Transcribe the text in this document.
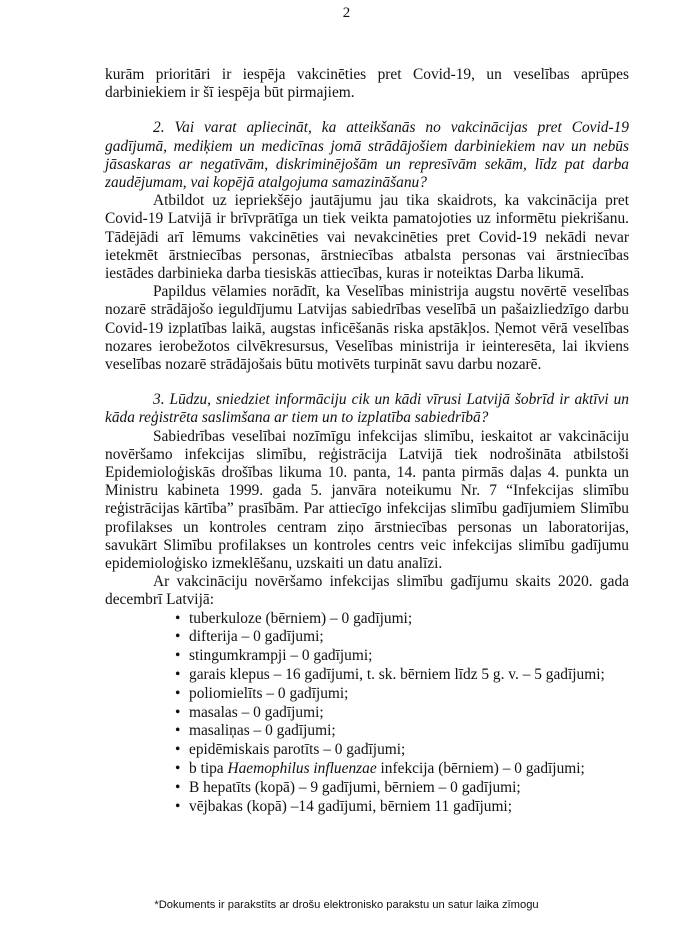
2

kurām prioritāri ir iespēja vakcinēties pret Covid-19, un veselības aprūpes darbiniekiem ir šī iespēja būt pirmajiem.

2. Vai varat apliecināt, ka atteikšanās no vakcinācijas pret Covid-19 gadījumā, mediķiem un medicīnas jomā strādājošiem darbiniekiem nav un nebūs jāsaskaras ar negatīvām, diskriminējošām un represīvām sekām, līdz pat darba zaudējumam, vai kopējā atalgojuma samazināšanu?

Atbildot uz iepriekšējo jautājumu jau tika skaidrots, ka vakcinācija pret Covid-19 Latvijā ir brīvprātīga un tiek veikta pamatojoties uz informētu piekrišanu. Tādējādi arī lēmums vakcinēties vai nevakcinēties pret Covid-19 nekādi nevar ietekmēt ārstniecības personas, ārstniecības atbalsta personas vai ārstniecības iestādes darbinieka darba tiesiskās attiecības, kuras ir noteiktas Darba likumā.

Papildus vēlamies norādīt, ka Veselības ministrija augstu novērtē veselības nozarē strādājošo ieguldījumu Latvijas sabiedrības veselībā un pašaizliedzīgo darbu Covid-19 izplatības laikā, augstas inficēšanās riska apstākļos. Ņemot vērā veselības nozares ierobežotos cilvēkresursus, Veselības ministrija ir ieinteresēta, lai ikviens veselības nozarē strādājošais būtu motivēts turpināt savu darbu nozarē.

3. Lūdzu, sniedziet informāciju cik un kādi vīrusi Latvijā šobrīd ir aktīvi un kāda reģistrēta saslimšana ar tiem un to izplatība sabiedrībā?

Sabiedrības veselībai nozīmīgu infekcijas slimību, ieskaitot ar vakcināciju novēršamo infekcijas slimību, reģistrācija Latvijā tiek nodrošināta atbilstoši Epidemioloģiskās drošības likuma 10. panta, 14. panta pirmās daļas 4. punkta un Ministru kabineta 1999. gada 5. janvāra noteikumu Nr. 7 “Infekcijas slimību reģistrācijas kārtība” prasībām. Par attiecīgo infekcijas slimību gadījumiem Slimību profilakses un kontroles centram ziņo ārstniecības personas un laboratorijas, savukārt Slimību profilakses un kontroles centrs veic infekcijas slimību gadījumu epidemioloģisko izmeklēšanu, uzskaiti un datu analīzi.

Ar vakcināciju novēršamo infekcijas slimību gadījumu skaits 2020. gada decembrī Latvijā:

• tuberkuloze (bērniem) – 0 gadījumi;
• difterija – 0 gadījumi;
• stingumkrampji – 0 gadījumi;
• garais klepus – 16 gadījumi, t. sk. bērniem līdz 5 g. v. – 5 gadījumi;
• poliomielīts – 0 gadījumi;
• masalas – 0 gadījumi;
• masaliņas – 0 gadījumi;
• epidēmiskais parotīts – 0 gadījumi;
• b tipa Haemophilus influenzae infekcija (bērniem) – 0 gadījumi;
• B hepatīts (kopā) – 9 gadījumi, bērniem – 0 gadījumi;
• vējbakas (kopā) –14 gadījumi, bērniem 11 gadījumi;
*Dokuments ir parakstīts ar drošu elektronisko parakstu un satur laika zīmogu
